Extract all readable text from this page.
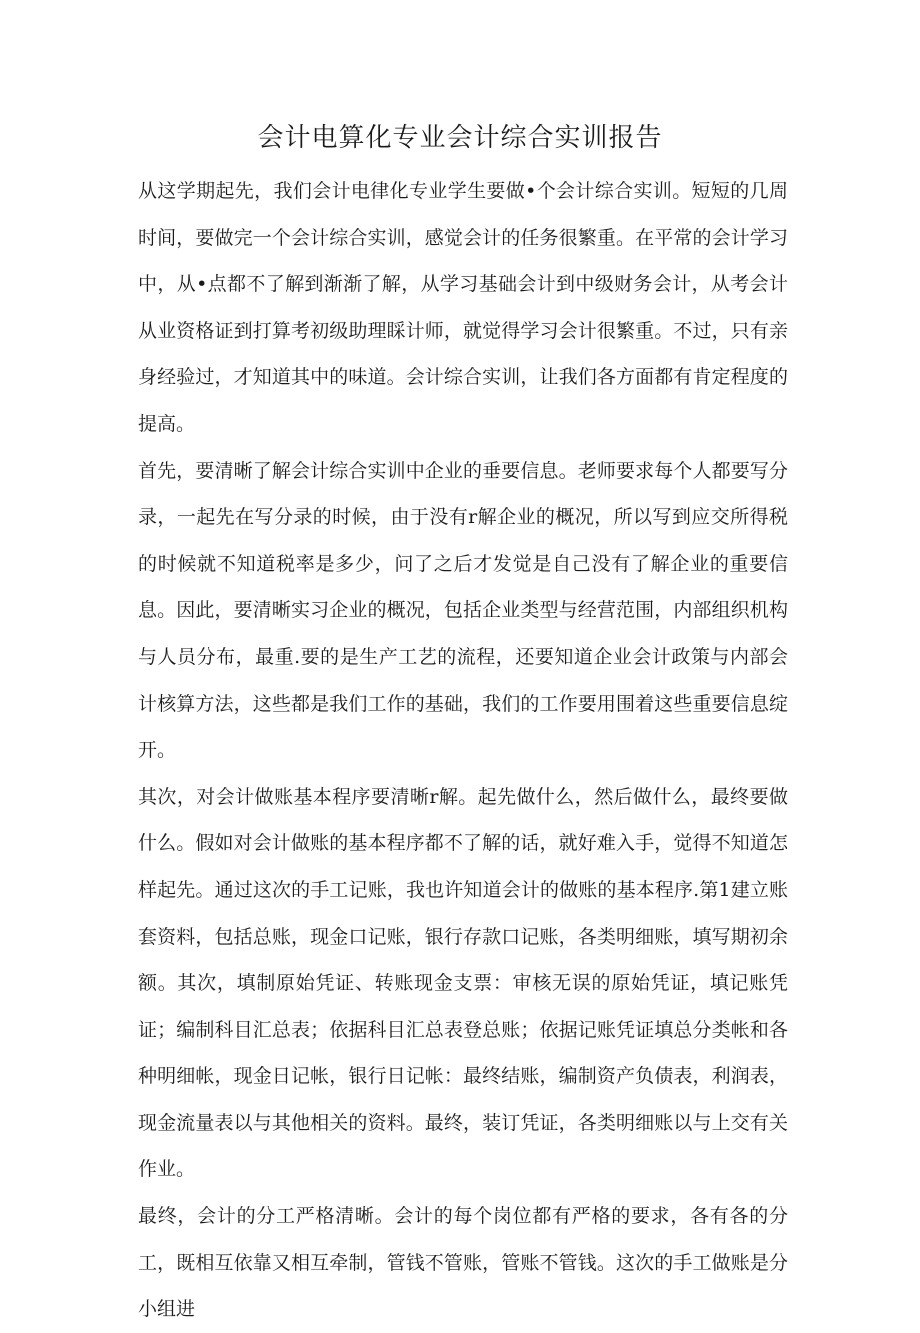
会计电算化专业会计综合实训报告

从这学期起先，我们会计电律化专业学生要做•个会计综合实训。短短的几周时间，要做完一个会计综合实训，感觉会计的任务很繁重。在平常的会计学习中，从•点都不了解到渐渐了解，从学习基础会计到中级财务会计，从考会计从业资格证到打算考初级助理睬计师，就觉得学习会计很繁重。不过，只有亲身经验过，才知道其中的味道。会计综合实训，让我们各方面都有肯定程度的提高。

首先，要清晰了解会计综合实训中企业的垂要信息。老师要求每个人都要写分录，一起先在写分录的时候，由于没有r解企业的概况，所以写到应交所得税的时候就不知道税率是多少，问了之后才发觉是自己没有了解企业的重要信息。因此，要清晰实习企业的概况，包括企业类型与经营范围，内部组织机构与人员分布，最重.要的是生产工艺的流程，还要知道企业会计政策与内部会计核算方法，这些都是我们工作的基础，我们的工作要用围着这些重要信息绽开。

其次，对会计做账基本程序要清晰r解。起先做什么，然后做什么，最终要做什么。假如对会计做账的基本程序都不了解的话，就好难入手，觉得不知道怎样起先。通过这次的手工记账，我也许知道会计的做账的基本程序.第1建立账套资料，包括总账，现金口记账，银行存款口记账，各类明细账，填写期初余额。其次，填制原始凭证、转账现金支票：审核无误的原始凭证，填记账凭证；编制科目汇总表；依据科目汇总表登总账；依据记账凭证填总分类帐和各种明细帐，现金日记帐，银行日记帐：最终结账，编制资产负债表，利润表，现金流量表以与其他相关的资料。最终，装订凭证，各类明细账以与上交有关作业。

最终，会计的分工严格清晰。会计的每个岗位都有严格的要求，各有各的分工，既相互依靠又相互牵制，管钱不管账，管账不管钱。这次的手工做账是分小组进
